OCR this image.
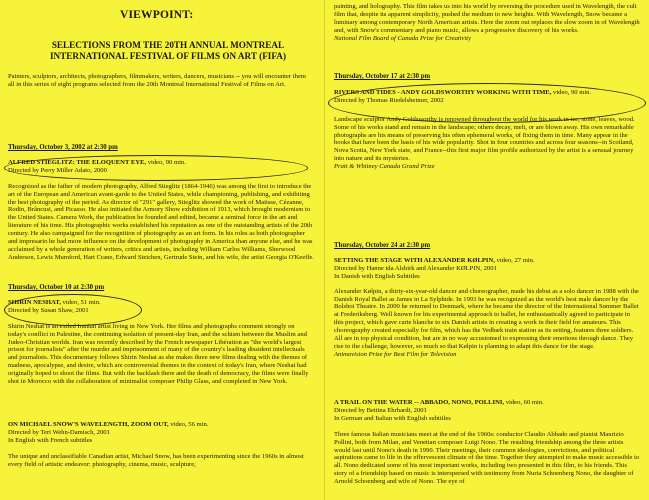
VIEWPOINT:
SELECTIONS FROM THE 20TH ANNUAL MONTREAL INTERNATIONAL FESTIVAL OF FILMS ON ART (FIFA)

Painters, sculptors, architects, photographers, filmmakers, writers, dancers, musicians -- you will encounter them all in this series of eight programs selected from the 20th Montreal International Festival of Films on Art.

Thursday, October 3, 2002 at 2:30 pm
ALFRED STIEGLITZ: THE ELOQUENT EYE, video, 90 min.
Directed by Perry Miller Adato, 2000

Recognized as the father of modern photography, Alfred Stieglitz (1864-1946) was among the first to introduce the art of the European and American avant-garde to the United States, while championing, publishing, and exhibiting the best photography of the period. As director of "291" gallery, Stieglitz showed the work of Matisse, Cézanne, Rodin, Brâncusi, and Picasso. He also initiated the Armory Show exhibition of 1913, which brought modernism to the United States. Camera Work, the publication he founded and edited, became a seminal force in the art and literature of his time. His photographic works established his reputation as one of the outstanding artists of the 20th century. He also campaigned for the recognition of photography as an art form. In his roles as both photographer and impresario he had more influence on the development of photography in America than anyone else, and he was acclaimed by a whole generation of writers, critics and artists, including William Carlos Williams, Sherwood Anderson, Lewis Mumford, Hart Crane, Edward Steichen, Gertrude Stein, and his wife, the artist Georgia O'Keeffe.

Thursday, October 10 at 2:30 pm
SHIRIN NESHAT, video, 51 min.
Directed by Susan Shaw, 2001

Shirin Neshat is an exiled Iranian artist living in New York. Her films and photographs comment strongly on today's conflict in Palestine, the continuing isolation of present-day Iran, and the schism between the Muslim and Judeo-Christian worlds. Iran was recently described by the French newspaper Libération as "the world's largest prison for journalists" after the murder and imprisonment of many of the country's leading dissident intellectuals and journalists. This documentary follows Shirin Neshat as she makes three new films dealing with the themes of madness, apocalypse, and desire, which are controversial themes in the context of today's Iran, where Neshat had originally hoped to shoot the films. But with the backlash there and the death of democracy, the films were finally shot in Morocco with the collaboration of minimalist composer Philip Glass, and completed in New York.

ON MICHAEL SNOW'S WAVELENGTH, ZOOM OUT, video, 56 min.
Directed by Teri Wehn-Damisch, 2001
In English with French subtitles

The unique and unclassifiable Canadian artist, Michael Snow, has been experimenting since the 1960s in almost every field of artistic endeavor: photography, cinema, music, sculpture,

painting, and holography. This film takes us into his world by reversing the procedure used in Wavelength, the cult film that, despite its apparent simplicity, pushed the medium to new heights. With Wavelength, Snow became a luminary among contemporary North American artists. Here the zoom out replaces the slow zoom in of Wavelength and, with Snow's commentary and piano music, allows a progressive discovery of his works.

National Film Board of Canada Prize for Creativity
Thursday, October 17 at 2:30 pm
RIVERS AND TIDES - ANDY GOLDSWORTHY WORKING WITH TIME, video, 90 min.
Directed by Thomas Riedelsheimer, 2002

Landscape sculptor Andy Goldsworthy is renowned throughout the world for his work in ice, stone, leaves, wood. Some of his works stand and remain in the landscape; others decay, melt, or are blown away. His own remarkable photographs are his means of preserving his often ephemeral works, of fixing them in time. Many appear in the books that have been the basis of his wide popularity. Shot in four countries and across four seasons--in Scotland, Nova Scotia, New York state, and France--this first major film profile authorized by the artist is a sensual journey into nature and its mysteries.

Pratt & Whitney Canada Grand Prize
Thursday, October 24 at 2:30 pm
SETTING THE STAGE WITH ALEXANDER KØLPIN, video, 27 min.
Directed by Hanne ida Alsbirk and Alexander KØLPIN, 2001
In Danish with English Subtitles

Alexander Kølpin, a thirty-six-year-old dancer and choreographer, made his debut as a solo dancer in 1988 with the Danish Royal Ballet as James in La Sylphide. In 1993 he was recognized as the world's best male dancer by the Bolshoi Theatre. In 2000 he returned to Denmark, where he became the director of the International Summer Ballet at Frederiksberg. Well known for his experimental approach to ballet, he enthusiastically agreed to participate in this project, which gave carte blanche to six Danish artists in creating a work in their field for amateurs. This choreography created especially for film, which has the Vedbæk train station as its setting, features three soldiers. All are in top physical condition, but are in no way accustomed to expressing their emotions through dance. They rise to the challenge, however, so much so that Kølpin is planning to adapt this dance for the stage.

Animavision Prize for Best Film for Television
A TRAIL ON THE WATER -- ABBADO, NONO, POLLINI, video, 60 min.
Directed by Bettina Ehrhardt, 2001
In German and Italian with English subtitles

Three famous Italian musicians meet at the end of the 1960s: conductor Claudio Abbado and pianist Maurizio Pollini, both from Milan, and Venetian composer Luigi Nono. The resulting friendship among the three artists would last until Nono's death in 1990. Their meetings, their common ideologies, convictions, and political aspirations came to life in the effervescent climate of the time. Together they attempted to make music accessible to all. Nono dedicated some of his most important works, including two presented in this film, to his friends. This story of a friendship based on music is interspersed with testimony from Nuria Schoenberg Nono, the daughter of Arnold Schoenberg and wife of Nono. The eye of
